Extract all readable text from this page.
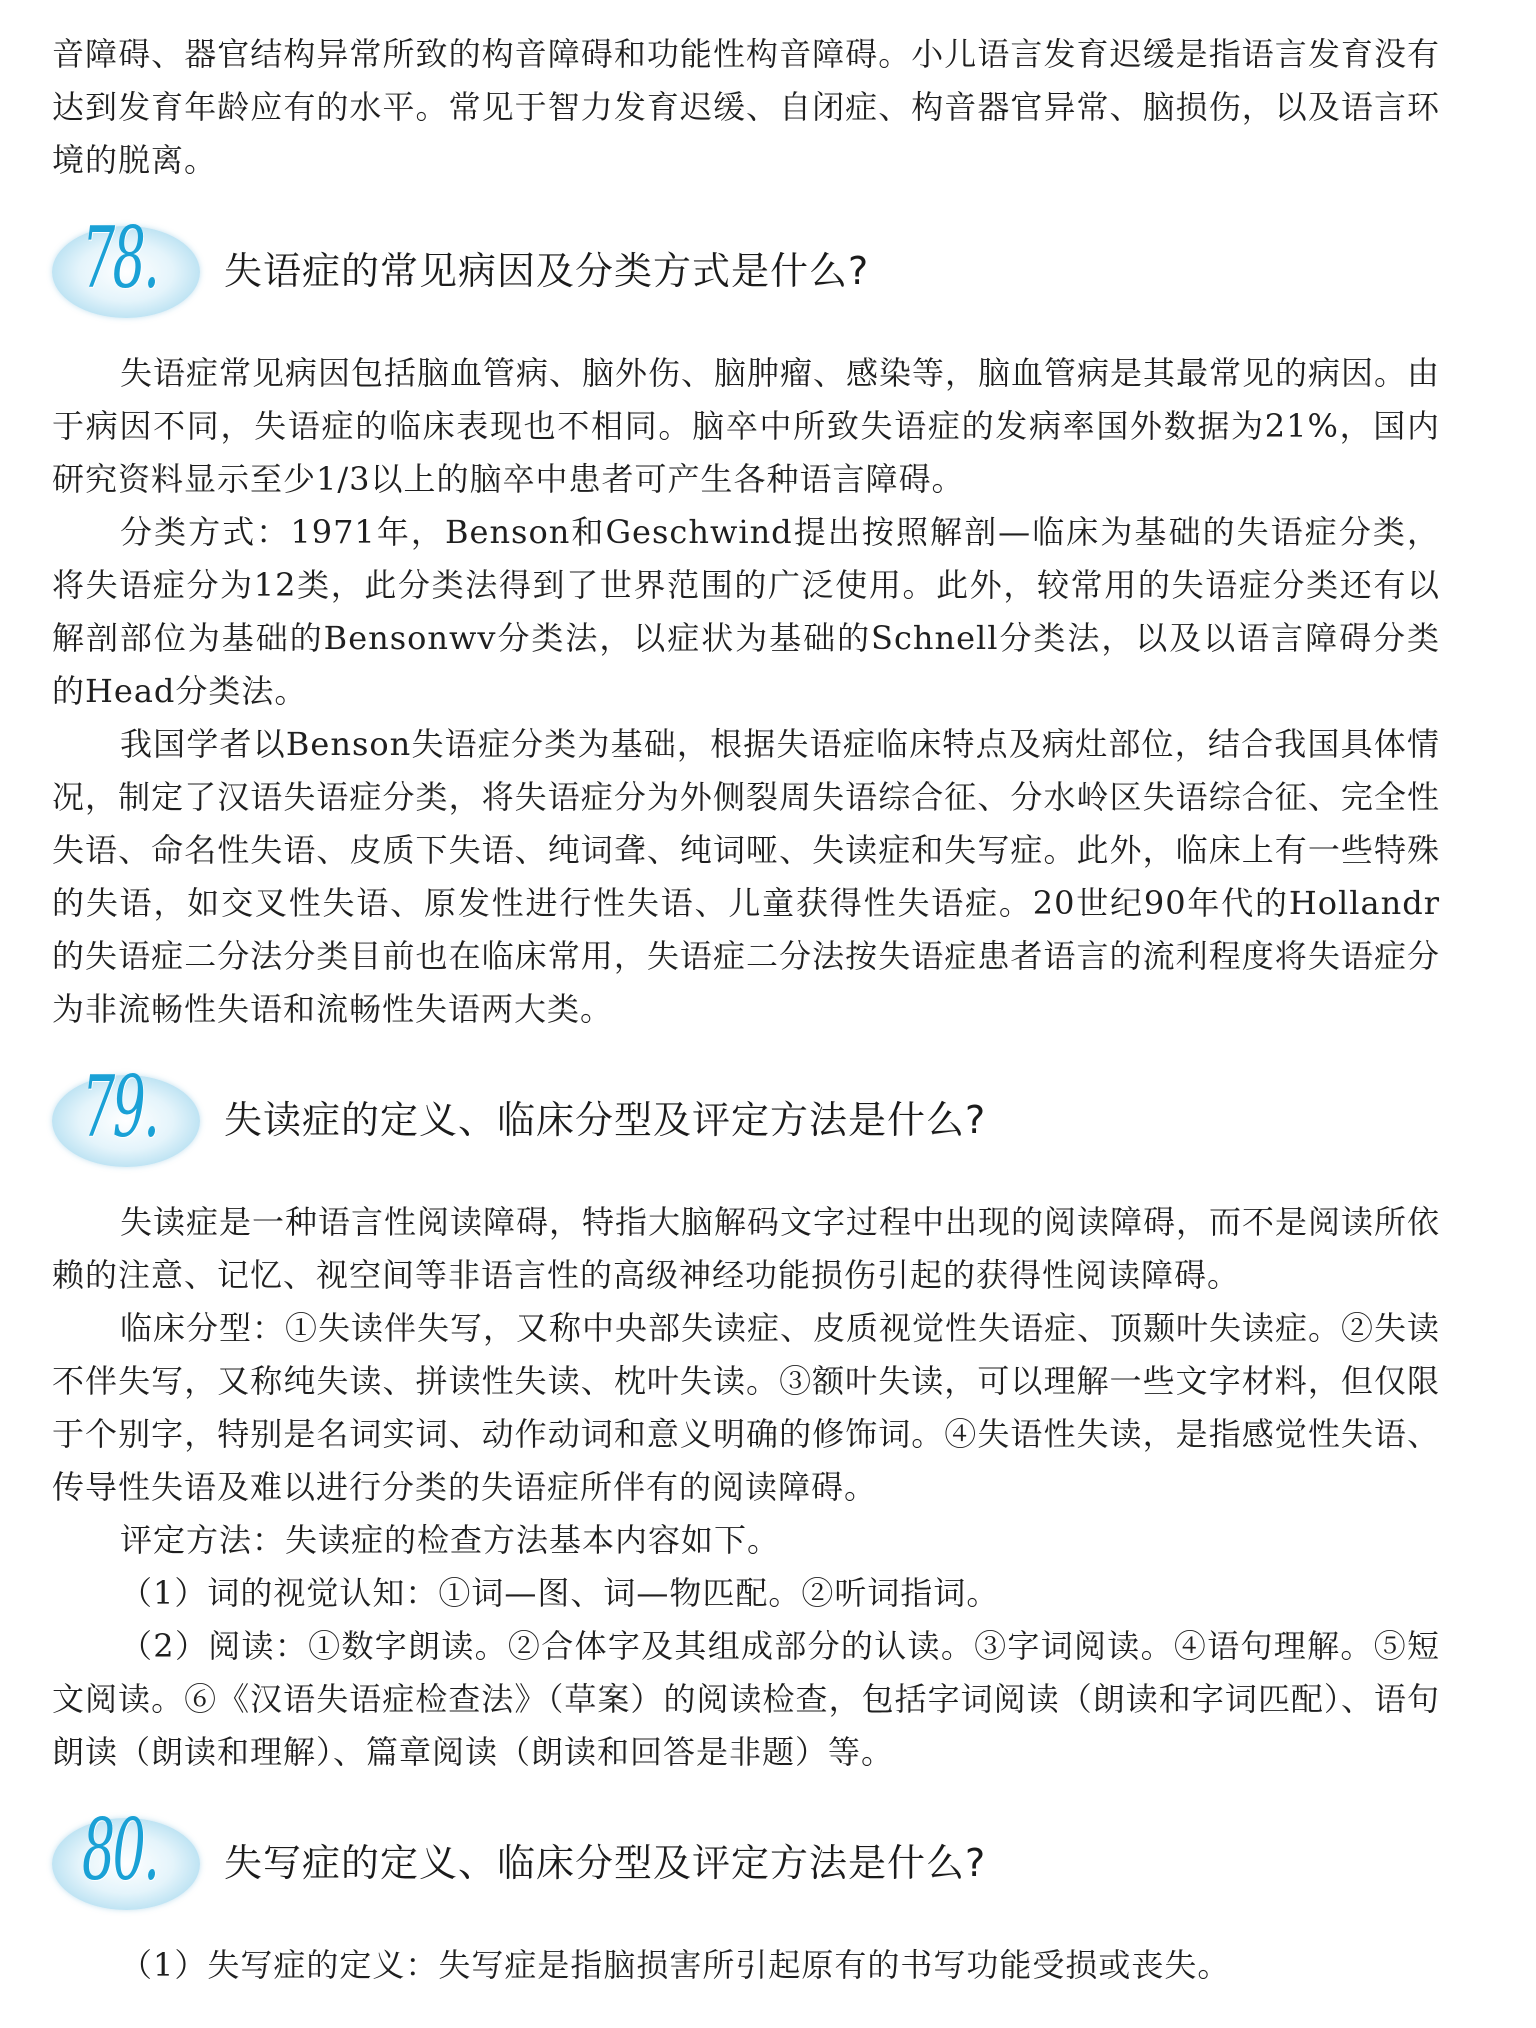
音障碍、器官结构异常所致的构音障碍和功能性构音障碍。小儿语言发育迟缓是指语言发育没有达到发育年龄应有的水平。常见于智力发育迟缓、自闭症、构音器官异常、脑损伤，以及语言环境的脱离。

78. 失语症的常见病因及分类方式是什么?

失语症常见病因包括脑血管病、脑外伤、脑肿瘤、感染等，脑血管病是其最常见的病因。由于病因不同，失语症的临床表现也不相同。脑卒中所致失语症的发病率国外数据为21%，国内研究资料显示至少1/3以上的脑卒中患者可产生各种语言障碍。

分类方式：1971年，Benson和Geschwind提出按照解剖—临床为基础的失语症分类，将失语症分为12类，此分类法得到了世界范围的广泛使用。此外，较常用的失语症分类还有以解剖部位为基础的Bensonwv分类法，以症状为基础的Schnell分类法，以及以语言障碍分类的Head分类法。

我国学者以Benson失语症分类为基础，根据失语症临床特点及病灶部位，结合我国具体情况，制定了汉语失语症分类，将失语症分为外侧裂周失语综合征、分水岭区失语综合征、完全性失语、命名性失语、皮质下失语、纯词聋、纯词哑、失读症和失写症。此外，临床上有一些特殊的失语，如交叉性失语、原发性进行性失语、儿童获得性失语症。20世纪90年代的Hollandr的失语症二分法分类目前也在临床常用，失语症二分法按失语症患者语言的流利程度将失语症分为非流畅性失语和流畅性失语两大类。

79. 失读症的定义、临床分型及评定方法是什么?

失读症是一种语言性阅读障碍，特指大脑解码文字过程中出现的阅读障碍，而不是阅读所依赖的注意、记忆、视空间等非语言性的高级神经功能损伤引起的获得性阅读障碍。

临床分型：①失读伴失写，又称中央部失读症、皮质视觉性失语症、顶颞叶失读症。②失读不伴失写，又称纯失读、拼读性失读、枕叶失读。③额叶失读，可以理解一些文字材料，但仅限于个别字，特别是名词实词、动作动词和意义明确的修饰词。④失语性失读，是指感觉性失语、传导性失语及难以进行分类的失语症所伴有的阅读障碍。

评定方法：失读症的检查方法基本内容如下。

（1）词的视觉认知：①词—图、词—物匹配。②听词指词。

（2）阅读：①数字朗读。②合体字及其组成部分的认读。③字词阅读。④语句理解。⑤短文阅读。⑥《汉语失语症检查法》（草案）的阅读检查，包括字词阅读（朗读和字词匹配）、语句朗读（朗读和理解）、篇章阅读（朗读和回答是非题）等。

80. 失写症的定义、临床分型及评定方法是什么?

（1）失写症的定义：失写症是指脑损害所引起原有的书写功能受损或丧失。
